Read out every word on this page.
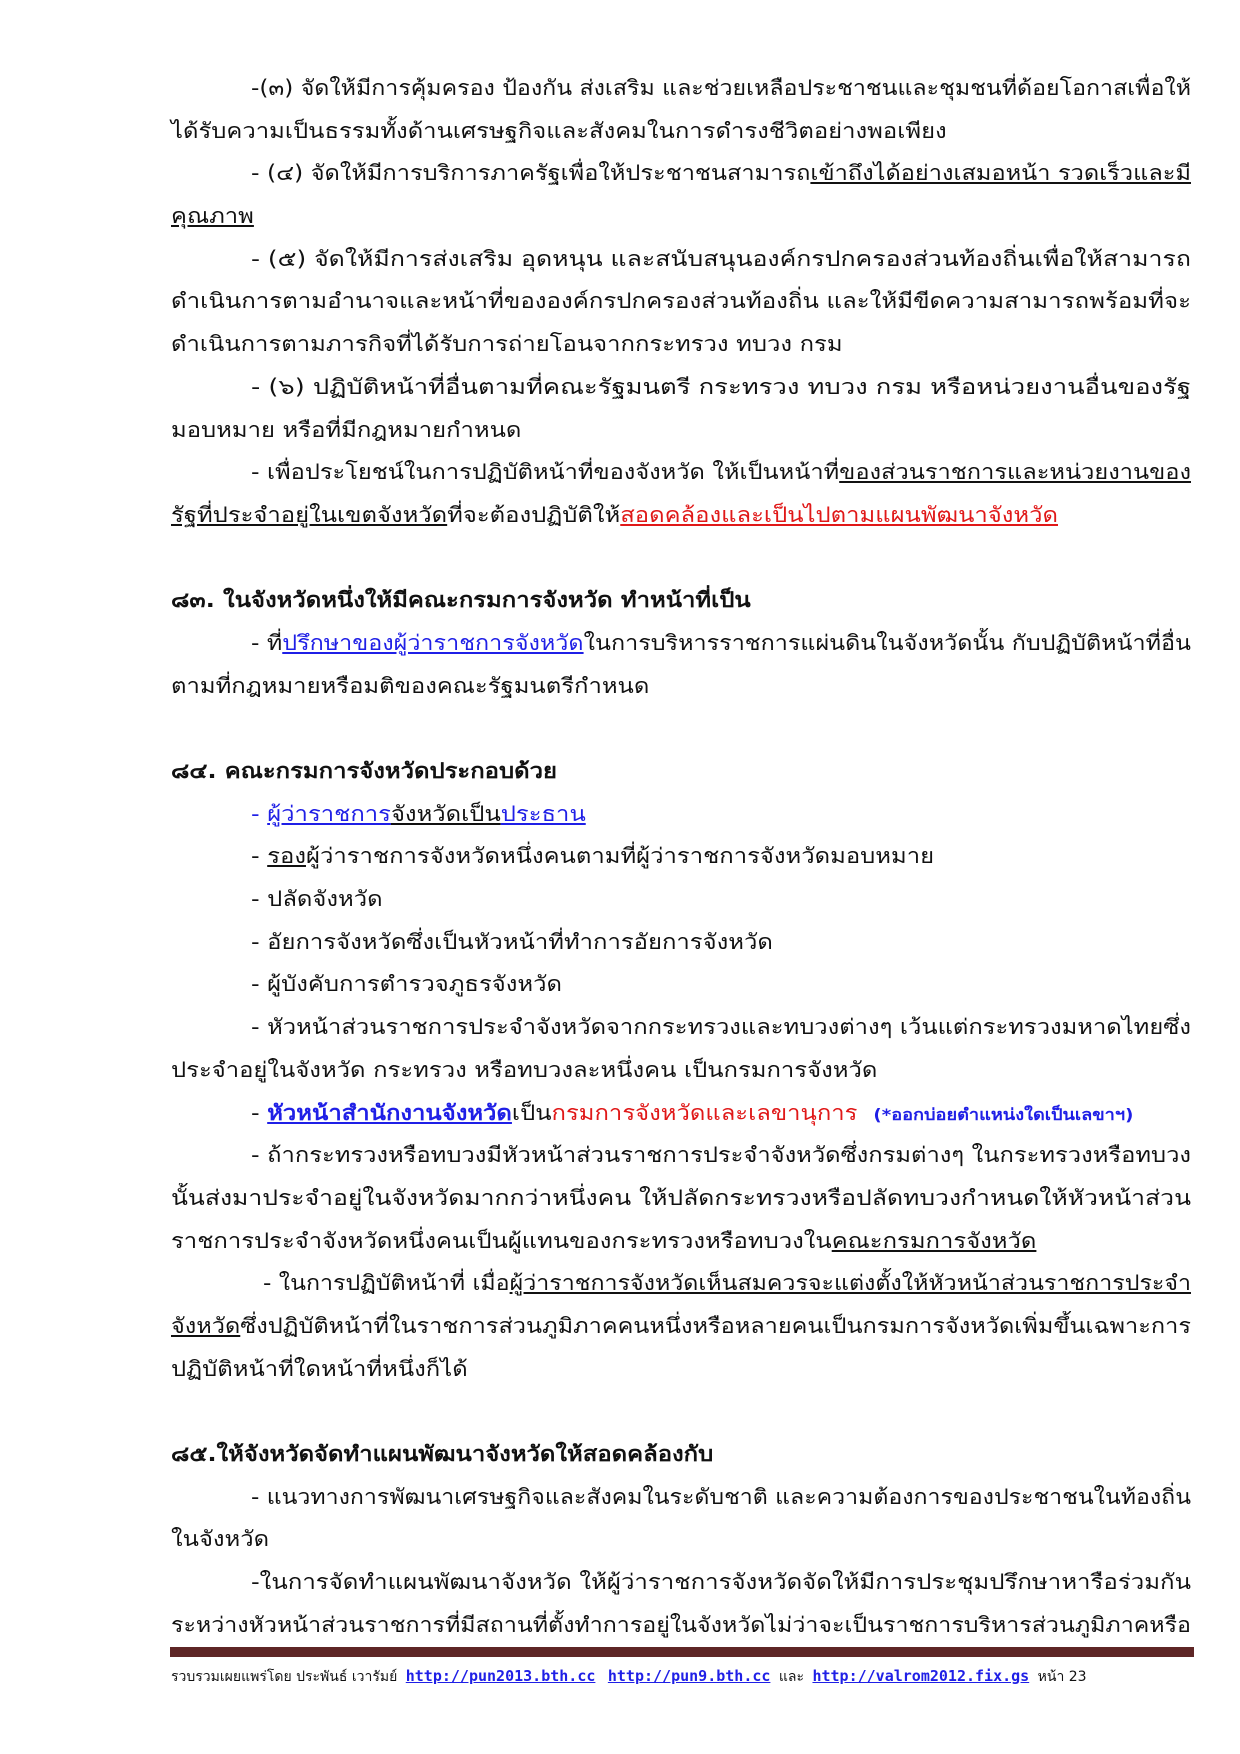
-(๓) จัดให้มีการคุ้มครอง ป้องกัน ส่งเสริม และช่วยเหลือประชาชนและชุมชนที่ด้อยโอกาสเพื่อให้
ได้รับความเป็นธรรมทั้งด้านเศรษฐกิจและสังคมในการดำรงชีวิตอย่างพอเพียง
- (๔) จัดให้มีการบริการภาครัฐเพื่อให้ประชาชนสามารถเข้าถึงได้อย่างเสมอหน้า รวดเร็วและมี
คุณภาพ
- (๕) จัดให้มีการส่งเสริม อุดหนุน และสนับสนุนองค์กรปกครองส่วนท้องถิ่นเพื่อให้สามารถ
ดำเนินการตามอำนาจและหน้าที่ขององค์กรปกครองส่วนท้องถิ่น และให้มีขีดความสามารถพร้อมที่จะ
ดำเนินการตามภารกิจที่ได้รับการถ่ายโอนจากกระทรวง ทบวง กรม
- (๖) ปฏิบัติหน้าที่อื่นตามที่คณะรัฐมนตรี กระทรวง ทบวง กรม หรือหน่วยงานอื่นของรัฐ
มอบหมาย หรือที่มีกฎหมายกำหนด
- เพื่อประโยชน์ในการปฏิบัติหน้าที่ของจังหวัด ให้เป็นหน้าที่ของส่วนราชการและหน่วยงานของ
รัฐที่ประจำอยู่ในเขตจังหวัดที่จะต้องปฏิบัติให้สอดคล้องและเป็นไปตามแผนพัฒนาจังหวัด
๘๓. ในจังหวัดหนึ่งให้มีคณะกรมการจังหวัด ทำหน้าที่เป็น
- ที่ปรึกษาของผู้ว่าราชการจังหวัดในการบริหารราชการแผ่นดินในจังหวัดนั้น กับปฏิบัติหน้าที่อื่น
ตามที่กฎหมายหรือมติของคณะรัฐมนตรีกำหนด
๘๔. คณะกรมการจังหวัดประกอบด้วย
- ผู้ว่าราชการจังหวัดเป็นประธาน
- รองผู้ว่าราชการจังหวัดหนึ่งคนตามที่ผู้ว่าราชการจังหวัดมอบหมาย
- ปลัดจังหวัด
- อัยการจังหวัดซึ่งเป็นหัวหน้าที่ทำการอัยการจังหวัด
- ผู้บังคับการตำรวจภูธรจังหวัด
- หัวหน้าส่วนราชการประจำจังหวัดจากกระทรวงและทบวงต่างๆ เว้นแต่กระทรวงมหาดไทยซึ่ง
ประจำอยู่ในจังหวัด กระทรวง หรือทบวงละหนึ่งคน เป็นกรมการจังหวัด
- หัวหน้าสำนักงานจังหวัดเป็นกรมการจังหวัดและเลขานุการ (*ออกบ่อยตำแหน่งใดเป็นเลขาฯ)
- ถ้ากระทรวงหรือทบวงมีหัวหน้าส่วนราชการประจำจังหวัดซึ่งกรมต่างๆ ในกระทรวงหรือทบวง
นั้นส่งมาประจำอยู่ในจังหวัดมากกว่าหนึ่งคน ให้ปลัดกระทรวงหรือปลัดทบวงกำหนดให้หัวหน้าส่วน
ราชการประจำจังหวัดหนึ่งคนเป็นผู้แทนของกระทรวงหรือทบวงในคณะกรมการจังหวัด
- ในการปฏิบัติหน้าที่ เมื่อผู้ว่าราชการจังหวัดเห็นสมควรจะแต่งตั้งให้หัวหน้าส่วนราชการประจำ
จังหวัดซึ่งปฏิบัติหน้าที่ในราชการส่วนภูมิภาคคนหนึ่งหรือหลายคนเป็นกรมการจังหวัดเพิ่มขึ้นเฉพาะการ
ปฏิบัติหน้าที่ใดหน้าที่หนึ่งก็ได้
๘๕.ให้จังหวัดจัดทำแผนพัฒนาจังหวัดให้สอดคล้องกับ
- แนวทางการพัฒนาเศรษฐกิจและสังคมในระดับชาติ และความต้องการของประชาชนในท้องถิ่น
ในจังหวัด
-ในการจัดทำแผนพัฒนาจังหวัด ให้ผู้ว่าราชการจังหวัดจัดให้มีการประชุมปรึกษาหารือร่วมกัน
ระหว่างหัวหน้าส่วนราชการที่มีสถานที่ตั้งทำการอยู่ในจังหวัดไม่ว่าจะเป็นราชการบริหารส่วนภูมิภาคหรือ
รวบรวมเผยแพร่โดย ประพันธ์ เวารัมย์ http://pun2013.bth.cc http://pun9.bth.cc และ http://valrom2012.fix.gs หน้า 23
